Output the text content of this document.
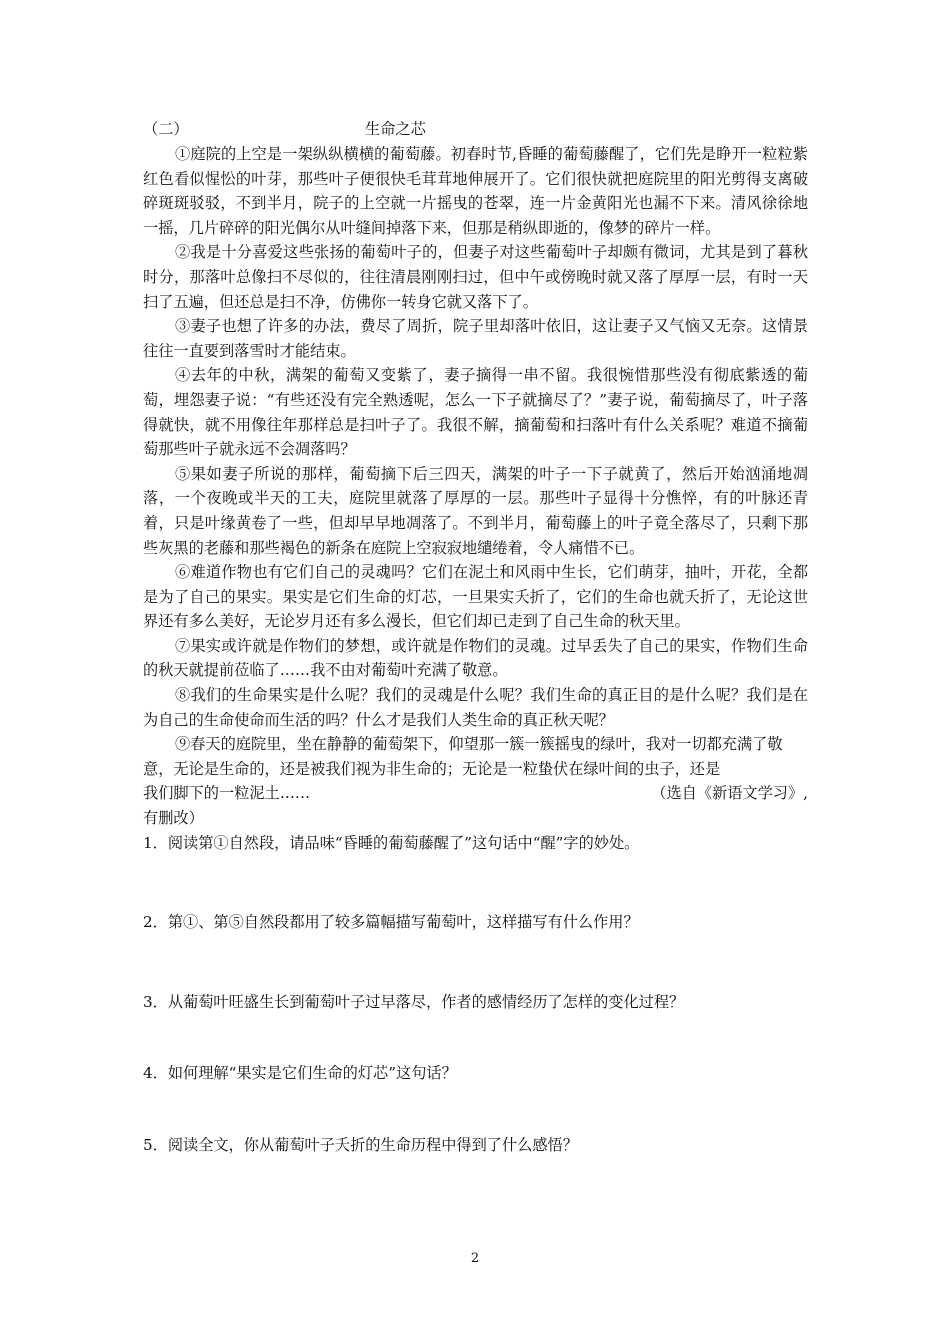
（二）	生命之芯

①庭院的上空是一架纵纵横横的葡萄藤。初春时节,昏睡的葡萄藤醒了，它们先是睁开一粒粒紫红色看似惺忪的叶芽，那些叶子便很快毛茸茸地伸展开了。它们很快就把庭院里的阳光剪得支离破碎斑斑驳驳，不到半月，院子的上空就一片摇曳的苍翠，连一片金黄阳光也漏不下来。清风徐徐地一摇，几片碎碎的阳光偶尔从叶缝间掉落下来，但那是稍纵即逝的，像梦的碎片一样。

②我是十分喜爱这些张扬的葡萄叶子的，但妻子对这些葡萄叶子却颇有微词，尤其是到了暮秋时分，那落叶总像扫不尽似的，往往清晨刚刚扫过，但中午或傍晚时就又落了厚厚一层，有时一天扫了五遍，但还总是扫不净，仿佛你一转身它就又落下了。

③妻子也想了许多的办法，费尽了周折，院子里却落叶依旧，这让妻子又气恼又无奈。这情景往往一直要到落雪时才能结束。

④去年的中秋，满架的葡萄又变紫了，妻子摘得一串不留。我很惋惜那些没有彻底紫透的葡萄，埋怨妻子说：“有些还没有完全熟透呢，怎么一下子就摘尽了？”妻子说，葡萄摘尽了，叶子落得就快，就不用像往年那样总是扫叶子了。我很不解，摘葡萄和扫落叶有什么关系呢？难道不摘葡萄那些叶子就永远不会凋落吗？

⑤果如妻子所说的那样，葡萄摘下后三四天，满架的叶子一下子就黄了，然后开始汹涌地凋落，一个夜晚或半天的工夫，庭院里就落了厚厚的一层。那些叶子显得十分憔悴，有的叶脉还青着，只是叶缘黄卷了一些，但却早早地凋落了。不到半月，葡萄藤上的叶子竟全落尽了，只剩下那些灰黑的老藤和那些褐色的新条在庭院上空寂寂地缱绻着，令人痛惜不已。

⑥难道作物也有它们自己的灵魂吗？它们在泥土和风雨中生长，它们萌芽，抽叶，开花，全都是为了自己的果实。果实是它们生命的灯芯，一旦果实夭折了，它们的生命也就夭折了，无论这世界还有多么美好，无论岁月还有多么漫长，但它们却已走到了自己生命的秋天里。

⑦果实或许就是作物们的梦想，或许就是作物们的灵魂。过早丢失了自己的果实，作物们生命的秋天就提前莅临了……我不由对葡萄叶充满了敬意。

⑧我们的生命果实是什么呢？我们的灵魂是什么呢？我们生命的真正目的是什么呢？我们是在为自己的生命使命而生活的吗？什么才是我们人类生命的真正秋天呢？

⑨春天的庭院里，坐在静静的葡萄架下，仰望那一簇一簇摇曳的绿叶，我对一切都充满了敬意，无论是生命的，还是被我们视为非生命的；无论是一粒蛰伏在绿叶间的虫子，还是

我们脚下的一粒泥土……	（选自《新语文学习》,

有删改）

1．阅读第①自然段，请品味“昏睡的葡萄藤醒了”这句话中“醒”字的妙处。

2．第①、第⑤自然段都用了较多篇幅描写葡萄叶，这样描写有什么作用？

3．从葡萄叶旺盛生长到葡萄叶子过早落尽，作者的感情经历了怎样的变化过程？

4．如何理解“果实是它们生命的灯芯”这句话？

5．阅读全文，你从葡萄叶子夭折的生命历程中得到了什么感悟？

2
